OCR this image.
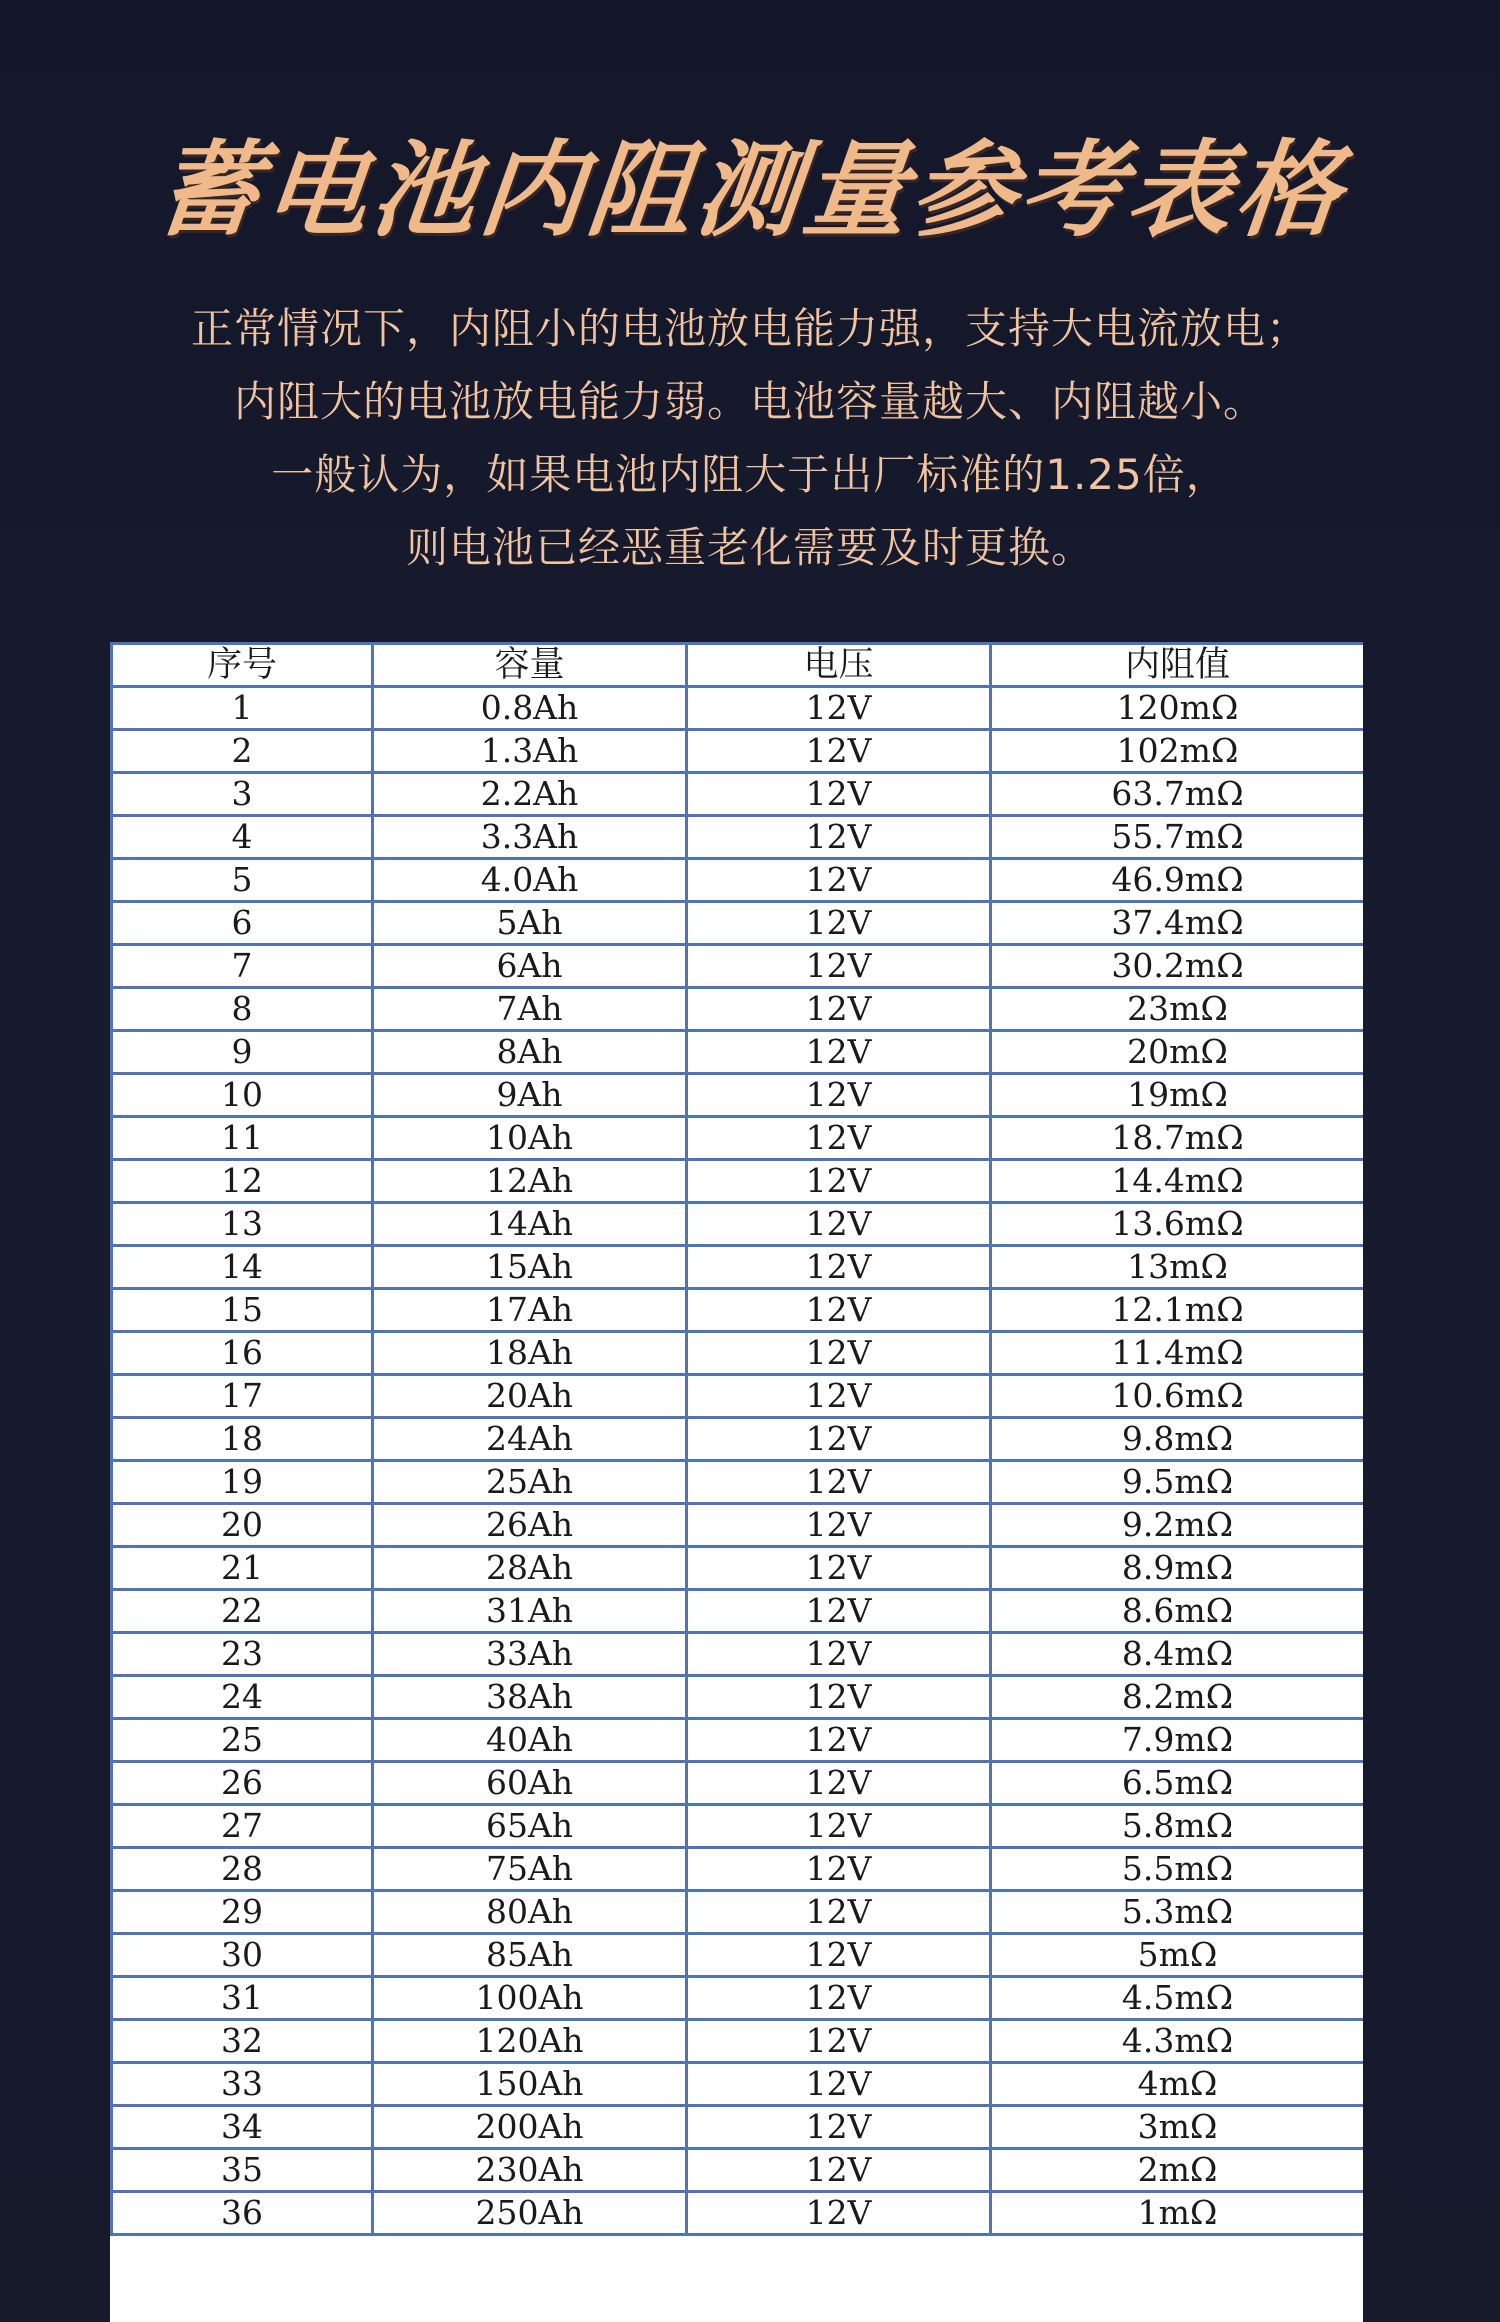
蓄电池内阻测量参考表格
正常情况下，内阻小的电池放电能力强，支持大电流放电；
内阻大的电池放电能力弱。电池容量越大、内阻越小。
一般认为，如果电池内阻大于出厂标准的1.25倍，
则电池已经恶重老化需要及时更换。
序号	容量	电压	内阻值
1	0.8Ah	12V	120mΩ
2	1.3Ah	12V	102mΩ
3	2.2Ah	12V	63.7mΩ
4	3.3Ah	12V	55.7mΩ
5	4.0Ah	12V	46.9mΩ
6	5Ah	12V	37.4mΩ
7	6Ah	12V	30.2mΩ
8	7Ah	12V	23mΩ
9	8Ah	12V	20mΩ
10	9Ah	12V	19mΩ
11	10Ah	12V	18.7mΩ
12	12Ah	12V	14.4mΩ
13	14Ah	12V	13.6mΩ
14	15Ah	12V	13mΩ
15	17Ah	12V	12.1mΩ
16	18Ah	12V	11.4mΩ
17	20Ah	12V	10.6mΩ
18	24Ah	12V	9.8mΩ
19	25Ah	12V	9.5mΩ
20	26Ah	12V	9.2mΩ
21	28Ah	12V	8.9mΩ
22	31Ah	12V	8.6mΩ
23	33Ah	12V	8.4mΩ
24	38Ah	12V	8.2mΩ
25	40Ah	12V	7.9mΩ
26	60Ah	12V	6.5mΩ
27	65Ah	12V	5.8mΩ
28	75Ah	12V	5.5mΩ
29	80Ah	12V	5.3mΩ
30	85Ah	12V	5mΩ
31	100Ah	12V	4.5mΩ
32	120Ah	12V	4.3mΩ
33	150Ah	12V	4mΩ
34	200Ah	12V	3mΩ
35	230Ah	12V	2mΩ
36	250Ah	12V	1mΩ
